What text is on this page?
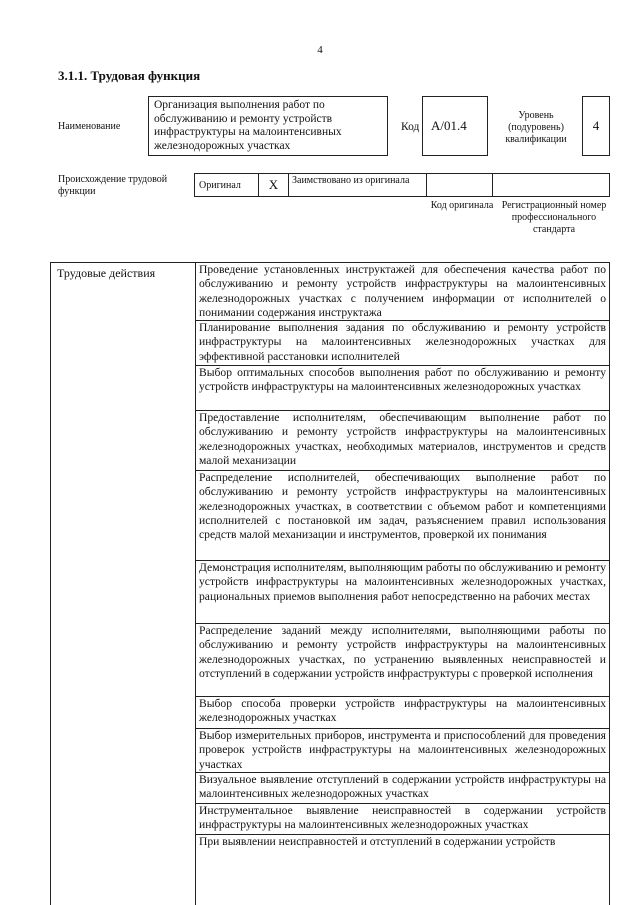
4
3.1.1. Трудовая функция
Наименование
Организация выполнения работ по обслуживанию и ремонту устройств инфраструктуры на малоинтенсивных железнодорожных участках
Код А/01.4
Уровень (подуровень) квалификации
4
Происхождение трудовой функции
Оригинал	X	Заимствовано из оригинала
Код оригинала Регистрационный номер профессионального стандарта
Трудовые действия	Проведение установленных инструктажей для обеспечения качества работ по обслуживанию и ремонту устройств инфраструктуры на малоинтенсивных железнодорожных участках с получением информации от исполнителей о понимании содержания инструктажа
Планирование выполнения задания по обслуживанию и ремонту устройств инфраструктуры на малоинтенсивных железнодорожных участках для эффективной расстановки исполнителей
Выбор оптимальных способов выполнения работ по обслуживанию и ремонту устройств инфраструктуры на малоинтенсивных железнодорожных участках
Предоставление исполнителям, обеспечивающим выполнение работ по обслуживанию и ремонту устройств инфраструктуры на малоинтенсивных железнодорожных участках, необходимых материалов, инструментов и средств малой механизации
Распределение исполнителей, обеспечивающих выполнение работ по обслуживанию и ремонту устройств инфраструктуры на малоинтенсивных железнодорожных участках, в соответствии с объемом работ и компетенциями исполнителей с постановкой им задач, разъяснением правил использования средств малой механизации и инструментов, проверкой их понимания
Демонстрация исполнителям, выполняющим работы по обслуживанию и ремонту устройств инфраструктуры на малоинтенсивных железнодорожных участках, рациональных приемов выполнения работ непосредственно на рабочих местах
Распределение заданий между исполнителями, выполняющими работы по обслуживанию и ремонту устройств инфраструктуры на малоинтенсивных железнодорожных участках, по устранению выявленных неисправностей и отступлений в содержании устройств инфраструктуры с проверкой исполнения
Выбор способа проверки устройств инфраструктуры на малоинтенсивных железнодорожных участках
Выбор измерительных приборов, инструмента и приспособлений для проведения проверок устройств инфраструктуры на малоинтенсивных железнодорожных участках
Визуальное выявление отступлений в содержании устройств инфраструктуры на малоинтенсивных железнодорожных участках
Инструментальное выявление неисправностей в содержании устройств инфраструктуры на малоинтенсивных железнодорожных участках
При выявлении неисправностей и отступлений в содержании устройств
